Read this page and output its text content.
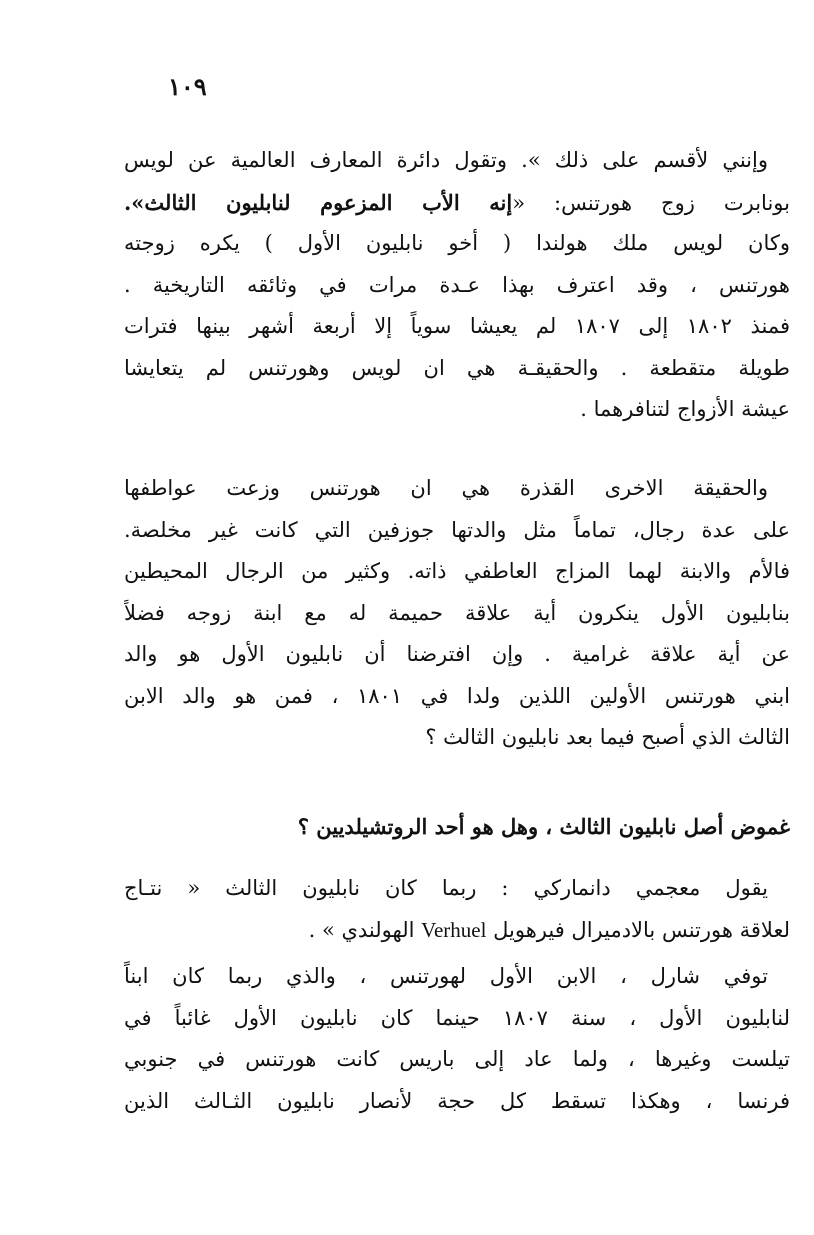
١٠٩
وإنني لأقسم على ذلك ». وتقول دائرة المعارف العالمية عن لويس
بونابرت زوج هورتنس: «إنه الأب المزعوم لنابليون الثالث».
وكان لويس ملك هولندا ( أخو نابليون الأول ) يكره زوجته
هورتنس ، وقد اعترف بهذا عـدة مرات في وثائقه التاريخية .
فمنذ ١٨٠٢ إلى ١٨٠٧ لم يعيشا سوياً إلا أربعة أشهر بينها فترات
طويلة متقطعة . والحقيقـة هي ان لويس وهورتنس لم يتعايشا
عيشة الأزواج لتنافرهما .
والحقيقة الاخرى القذرة هي ان هورتنس وزعت عواطفها
على عدة رجال، تماماً مثل والدتها جوزفين التي كانت غير مخلصة.
فالأم والابنة لهما المزاج العاطفي ذاته. وكثير من الرجال المحيطين
بنابليون الأول ينكرون أية علاقة حميمة له مع ابنة زوجه فضلاً
عن أية علاقة غرامية . وإن افترضنا أن نابليون الأول هو والد
ابني هورتنس الأولين اللذين ولدا في ١٨٠١ ، فمن هو والد الابن
الثالث الذي أصبح فيما بعد نابليون الثالث ؟
غموض أصل نابليون الثالث ، وهل هو أحد الروتشيلديين ؟
يقول معجمي دانماركي : ربما كان نابليون الثالث « نتـاج
لعلاقة هورتنس بالادميرال فيرهويل Verhuel الهولندي » .
توفي شارل ، الابن الأول لهورتنس ، والذي ربما كان ابناً
لنابليون الأول ، سنة ١٨٠٧ حينما كان نابليون الأول غائباً في
تيلست وغيرها ، ولما عاد إلى باريس كانت هورتنس في جنوبي
فرنسا ، وهكذا تسقط كل حجة لأنصار نابليون الثـالث الذين
